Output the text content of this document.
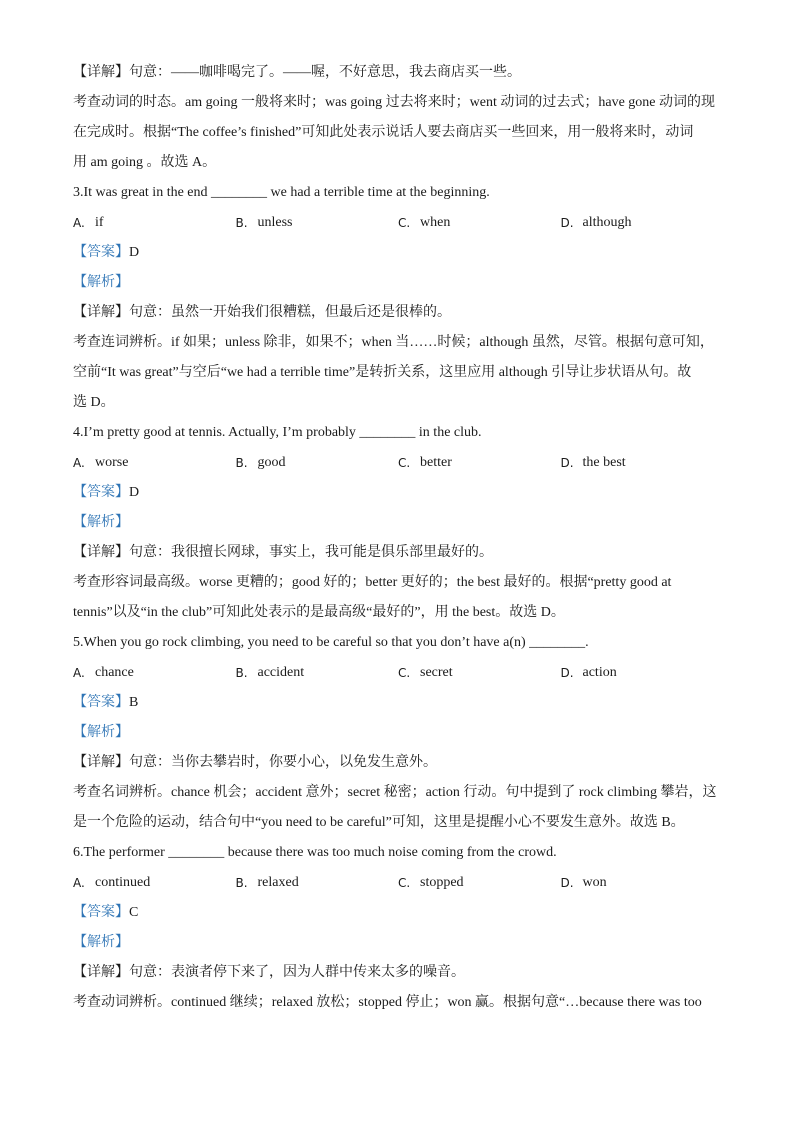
【详解】句意：——咖啡喝完了。——喔，不好意思，我去商店买一些。
考查动词的时态。am going 一般将来时；was going 过去将来时；went 动词的过去式；have gone 动词的现
在完成时。根据“The coffee’s finished”可知此处表示说话人要去商店买一些回来，用一般将来时，动词
用 am going 。故选 A。
3.It was great in the end ________ we had a terrible time at the beginning.
A. if	B. unless	C. when	D. although
【答案】D
【解析】
【详解】句意：虽然一开始我们很糟糕，但最后还是很棒的。
考查连词辨析。if 如果；unless 除非，如果不；when 当……时候；although 虽然，尽管。根据句意可知，
空前“It was great”与空后“we had a terrible time”是转折关系，这里应用 although 引导让步状语从句。故
选 D。
4.I’m pretty good at tennis. Actually, I’m probably ________ in the club.
A. worse	B. good	C. better	D. the best
【答案】D
【解析】
【详解】句意：我很擅长网球，事实上，我可能是俱乐部里最好的。
考查形容词最高级。worse 更糟的；good 好的；better 更好的；the best 最好的。根据“pretty good at
tennis”以及“in the club”可知此处表示的是最高级“最好的”，用 the best。故选 D。
5.When you go rock climbing, you need to be careful so that you don’t have a(n) ________.
A. chance	B. accident	C. secret	D. action
【答案】B
【解析】
【详解】句意：当你去攀岩时，你要小心，以免发生意外。
考查名词辨析。chance 机会；accident 意外；secret 秘密；action 行动。句中提到了 rock climbing 攀岩，这
是一个危险的运动，结合句中“you need to be careful”可知，这里是提醒小心不要发生意外。故选 B。
6.The performer ________ because there was too much noise coming from the crowd.
A. continued	B. relaxed	C. stopped	D. won
【答案】C
【解析】
【详解】句意：表演者停下来了，因为人群中传来太多的噪音。
考查动词辨析。continued 继续；relaxed 放松；stopped 停止；won 赢。根据句意“…because there was too
